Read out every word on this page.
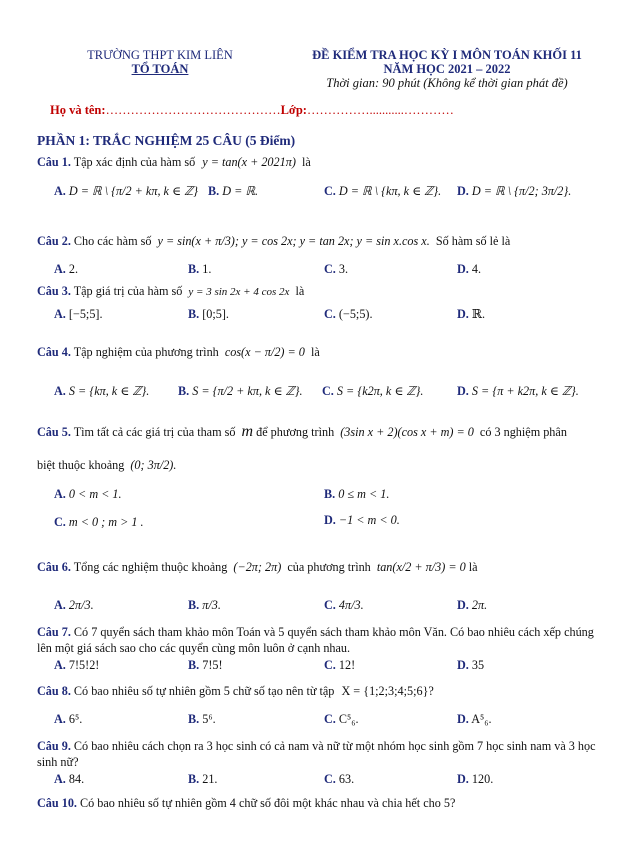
TRƯỜNG THPT KIM LIÊN
TỔ TOÁN
ĐỀ KIỂM TRA HỌC KỲ I MÔN TOÁN KHỐI 11
NĂM HỌC 2021 – 2022
Thời gian: 90 phút (Không kể thời gian phát đề)
Họ và tên:……………………………………Lớp:……………...........…………
PHẦN 1: TRẮC NGHIỆM 25 CÂU (5 Điểm)
Câu 1. Tập xác định của hàm số y = tan(x + 2021π) là
A. D = ℝ \ {π/2 + kπ, k ∈ ℤ} B. D = ℝ.	C. D = ℝ \ {kπ, k ∈ ℤ}. D. D = ℝ \ {π/2; 3π/2}.
Câu 2. Cho các hàm số y = sin(x + π/3); y = cos 2x; y = tan 2x; y = sin x.cos x. Số hàm số lẻ là
A. 2.	B. 1.	C. 3.	D. 4.
Câu 3. Tập giá trị của hàm số y = 3 sin 2x + 4 cos 2x là
A. [−5;5].	B. [0;5].	C. (−5;5).	D. ℝ.
Câu 4. Tập nghiệm của phương trình cos(x − π/2) = 0 là
A. S = {kπ, k ∈ ℤ}. B. S = {π/2 + kπ, k ∈ ℤ}. C. S = {k2π, k ∈ ℤ}.	D. S = {π + k2π, k ∈ ℤ}.
Câu 5. Tìm tất cả các giá trị của tham số m để phương trình (3sin x + 2)(cos x + m) = 0 có 3 nghiệm phân
biệt thuộc khoảng (0; 3π/2).
A. 0 < m < 1.	B. 0 ≤ m < 1.
C. m < 0 ; m > 1 .	D. −1 < m < 0.
Câu 6. Tổng các nghiệm thuộc khoảng (−2π; 2π) của phương trình tan(x/2 + π/3) = 0 là
A. 2π/3.	B. π/3.	C. 4π/3.	D. 2π.
Câu 7. Có 7 quyển sách tham khảo môn Toán và 5 quyển sách tham khảo môn Văn. Có bao nhiêu cách xếp chúng lên một giá sách sao cho các quyển cùng môn luôn ở cạnh nhau.
A. 7!5!2!	B. 7!5!	C. 12!	D. 35
Câu 8. Có bao nhiêu số tự nhiên gồm 5 chữ số tạo nên từ tập X = {1;2;3;4;5;6}?
A. 6⁵.	B. 5⁶.	C. C⁵₆.	D. A⁵₆.
Câu 9. Có bao nhiêu cách chọn ra 3 học sinh có cả nam và nữ từ một nhóm học sinh gồm 7 học sinh nam và 3 học sinh nữ?
A. 84.	B. 21.	C. 63.	D. 120.
Câu 10. Có bao nhiêu số tự nhiên gồm 4 chữ số đôi một khác nhau và chia hết cho 5?
